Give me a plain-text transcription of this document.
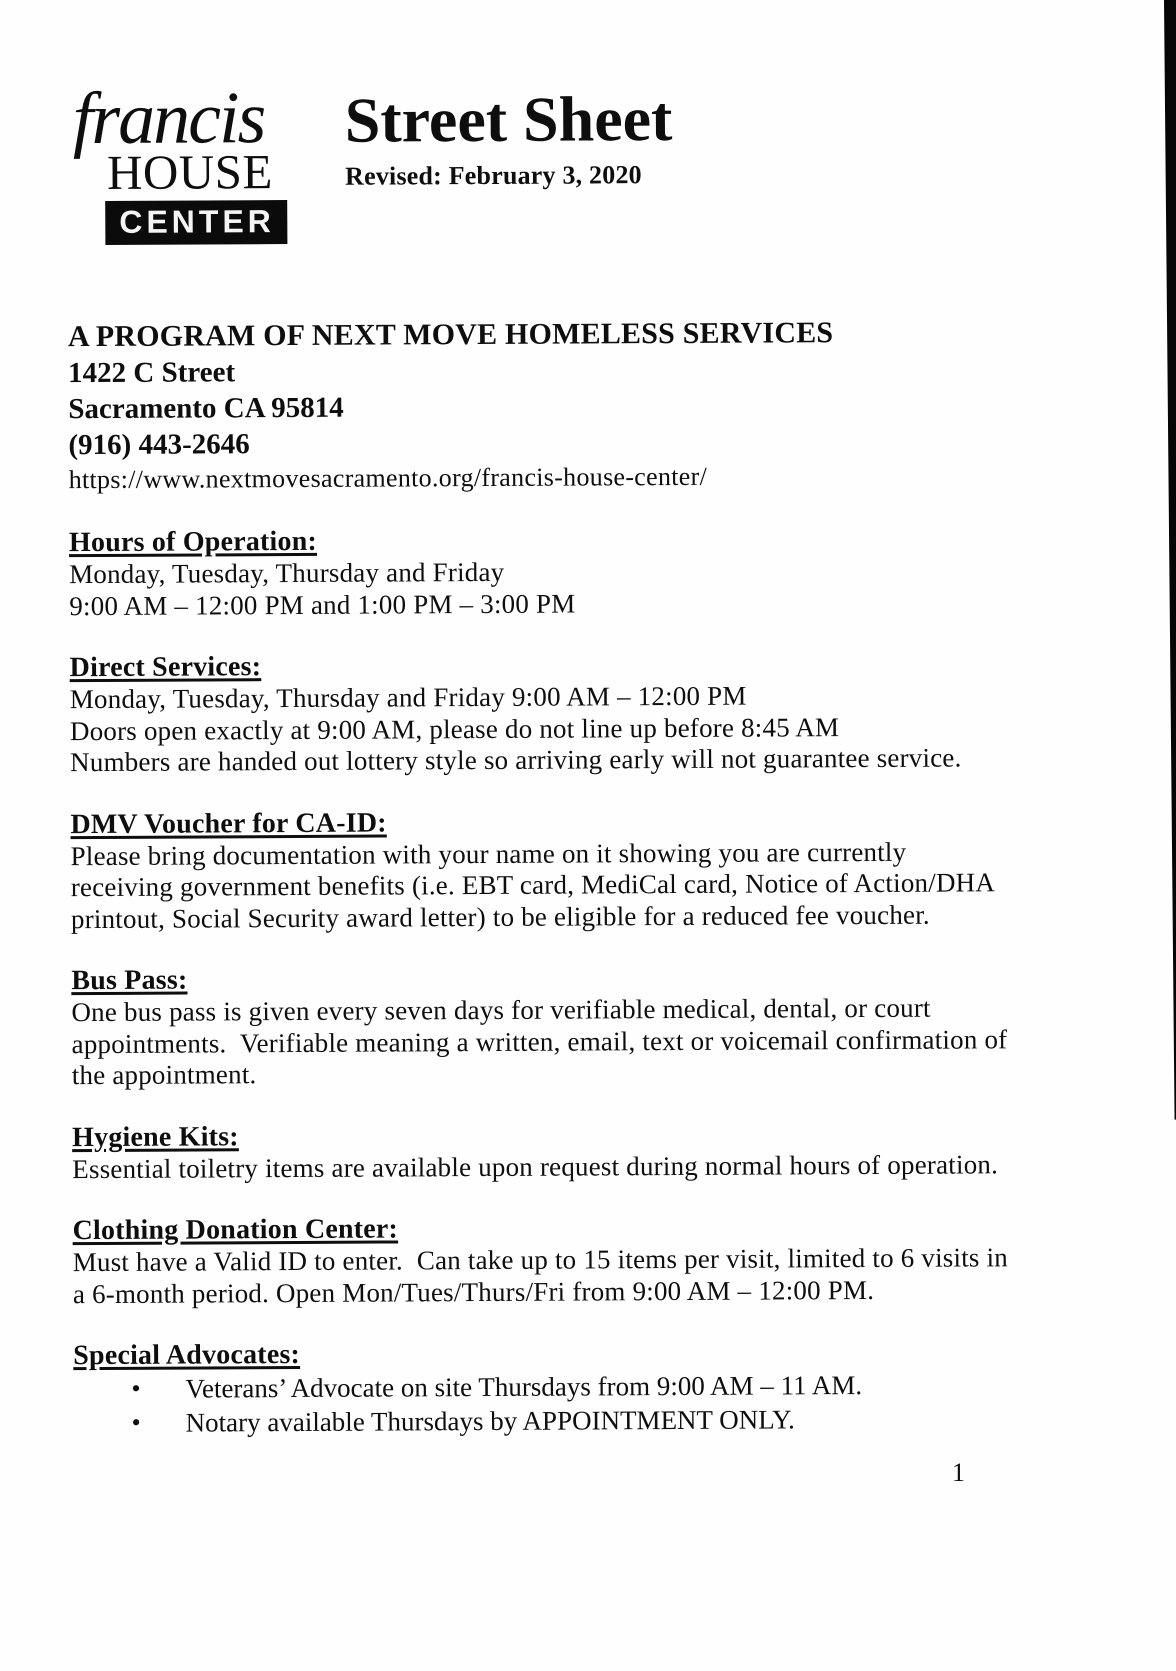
francis
HOUSE
CENTER
Street Sheet
Revised: February 3, 2020
A PROGRAM OF NEXT MOVE HOMELESS SERVICES
1422 C Street
Sacramento CA 95814
(916) 443-2646
https://www.nextmovesacramento.org/francis-house-center/
Hours of Operation:
Monday, Tuesday, Thursday and Friday
9:00 AM – 12:00 PM and 1:00 PM – 3:00 PM
Direct Services:
Monday, Tuesday, Thursday and Friday 9:00 AM – 12:00 PM
Doors open exactly at 9:00 AM, please do not line up before 8:45 AM
Numbers are handed out lottery style so arriving early will not guarantee service.
DMV Voucher for CA-ID:
Please bring documentation with your name on it showing you are currently
receiving government benefits (i.e. EBT card, MediCal card, Notice of Action/DHA
printout, Social Security award letter) to be eligible for a reduced fee voucher.
Bus Pass:
One bus pass is given every seven days for verifiable medical, dental, or court
appointments.  Verifiable meaning a written, email, text or voicemail confirmation of
the appointment.
Hygiene Kits:
Essential toiletry items are available upon request during normal hours of operation.
Clothing Donation Center:
Must have a Valid ID to enter.  Can take up to 15 items per visit, limited to 6 visits in
a 6-month period. Open Mon/Tues/Thurs/Fri from 9:00 AM – 12:00 PM.
Special Advocates:
• Veterans’ Advocate on site Thursdays from 9:00 AM – 11 AM.
• Notary available Thursdays by APPOINTMENT ONLY.
1
